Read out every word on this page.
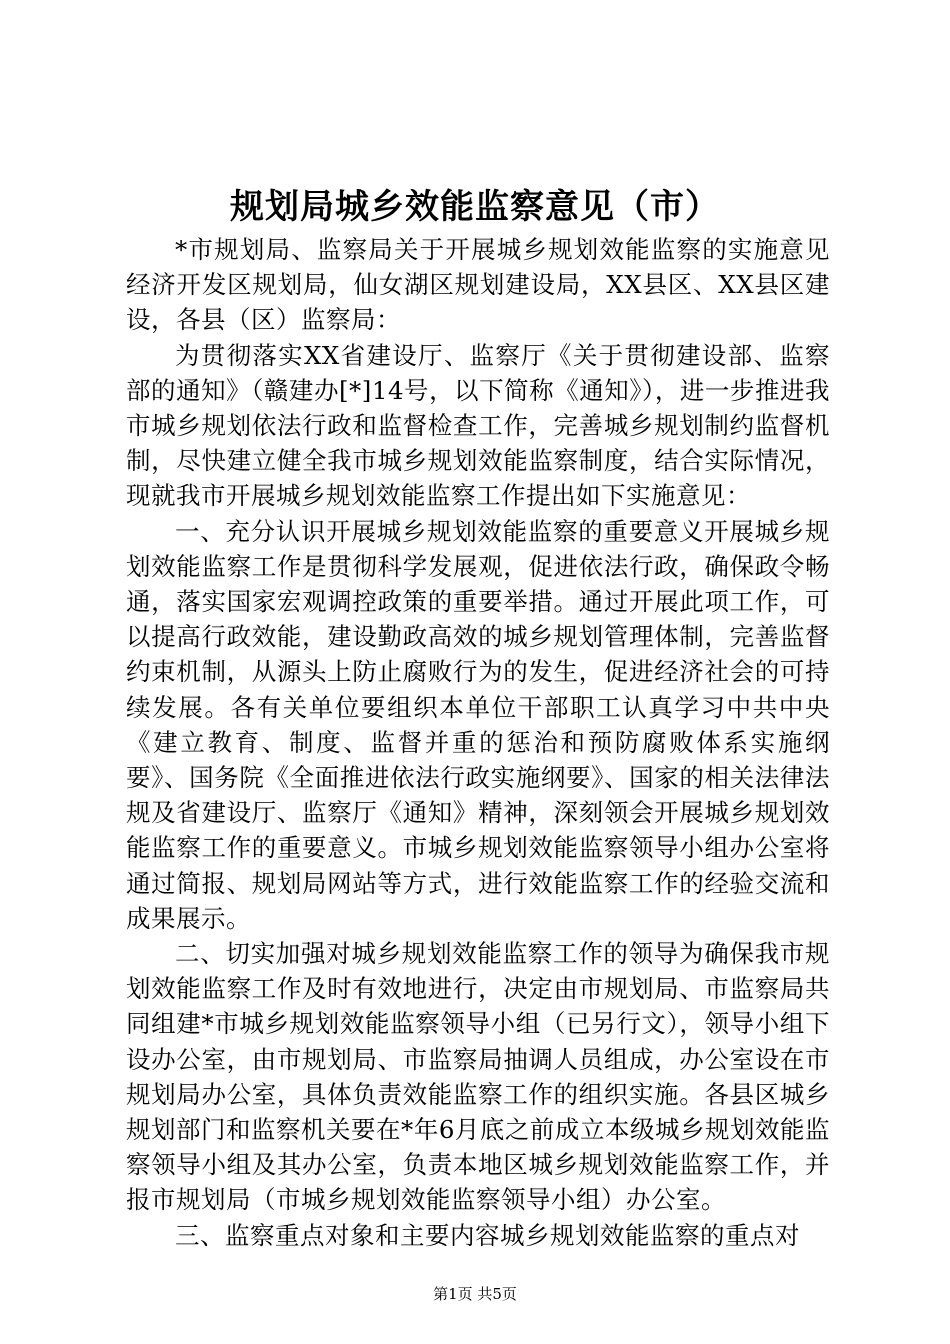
规划局城乡效能监察意见（市）

*市规划局、监察局关于开展城乡规划效能监察的实施意见经济开发区规划局，仙女湖区规划建设局，XX县区、XX县区建设，各县（区）监察局：

为贯彻落实XX省建设厅、监察厅《关于贯彻建设部、监察部的通知》（赣建办[*]14号，以下简称《通知》），进一步推进我市城乡规划依法行政和监督检查工作，完善城乡规划制约监督机制，尽快建立健全我市城乡规划效能监察制度，结合实际情况，现就我市开展城乡规划效能监察工作提出如下实施意见：

一、充分认识开展城乡规划效能监察的重要意义开展城乡规划效能监察工作是贯彻科学发展观，促进依法行政，确保政令畅通，落实国家宏观调控政策的重要举措。通过开展此项工作，可以提高行政效能，建设勤政高效的城乡规划管理体制，完善监督约束机制，从源头上防止腐败行为的发生，促进经济社会的可持续发展。各有关单位要组织本单位干部职工认真学习中共中央《建立教育、制度、监督并重的惩治和预防腐败体系实施纲要》、国务院《全面推进依法行政实施纲要》、国家的相关法律法规及省建设厅、监察厅《通知》精神，深刻领会开展城乡规划效能监察工作的重要意义。市城乡规划效能监察领导小组办公室将通过简报、规划局网站等方式，进行效能监察工作的经验交流和成果展示。

二、切实加强对城乡规划效能监察工作的领导为确保我市规划效能监察工作及时有效地进行，决定由市规划局、市监察局共同组建*市城乡规划效能监察领导小组（已另行文），领导小组下设办公室，由市规划局、市监察局抽调人员组成，办公室设在市规划局办公室，具体负责效能监察工作的组织实施。各县区城乡规划部门和监察机关要在*年6月底之前成立本级城乡规划效能监察领导小组及其办公室，负责本地区城乡规划效能监察工作，并报市规划局（市城乡规划效能监察领导小组）办公室。

三、监察重点对象和主要内容城乡规划效能监察的重点对

第1页 共5页
